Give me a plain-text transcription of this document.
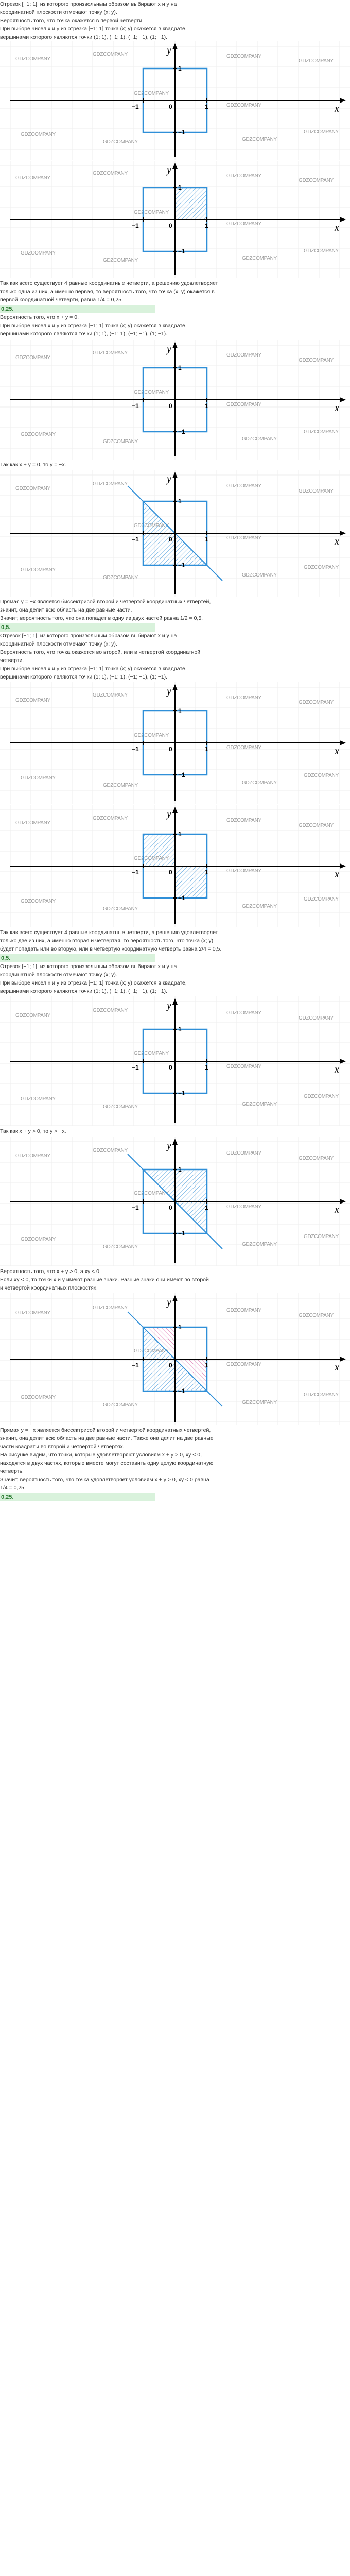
Отрезок [−1; 1], из которого произвольным образом выбирают x и y на

координатной плоскости отмечают точку (x; y).

Вероятность того, что точка окажется в первой четверти.

При выборе чисел x и y из отрезка [−1; 1] точка (x; y) окажется в квадрате,

вершинами которого являются точки (1; 1), (−1; 1), (−1; −1), (1; −1).

GDZCOMPANY
GDZCOMPANY	GDZCOMPANY
GDZCOMPANY
GDZCOMPANY
GDZCOMPANY	GDZCOMPANY
GDZCOMPANY
GDZCOMPANY
GDZCOMPANY
0	1
−1
1
−1
y
x
GDZCOMPANY
GDZCOMPANY	GDZCOMPANY
GDZCOMPANY
GDZCOMPANY
GDZCOMPANY	GDZCOMPANY
GDZCOMPANY
GDZCOMPANY
GDZCOMPANY
0	1
−1
1
−1
y
x

Так как всего существует 4 равные координатные четверти, а решению удовлетворяет

только одна из них, а именно первая, то вероятность того, что точка (x; y) окажется в

первой координатной четверти, равна 1/4 = 0,25.

0,25.

Вероятность того, что x + y = 0.

При выборе чисел x и y из отрезка [−1; 1] точка (x; y) окажется в квадрате,

вершинами которого являются точки (1; 1), (−1; 1), (−1; −1), (1; −1).

GDZCOMPANY
GDZCOMPANY	GDZCOMPANY
GDZCOMPANY
GDZCOMPANY
GDZCOMPANY	GDZCOMPANY
GDZCOMPANY
GDZCOMPANY
GDZCOMPANY
0	1
−1
1
−1
y
x

Так как x + y = 0, то y = −x.

GDZCOMPANY
GDZCOMPANY	GDZCOMPANY
GDZCOMPANY
GDZCOMPANY
GDZCOMPANY	GDZCOMPANY
GDZCOMPANY
GDZCOMPANY
GDZCOMPANY
0	1
−1
1
−1
y
x

Прямая y = −x является биссектрисой второй и четвертой координатных четвертей,

значит, она делит всю область на две равные части.

Значит, вероятность того, что она попадет в одну из двух частей равна 1/2 = 0,5.

0,5.

Отрезок [−1; 1], из которого произвольным образом выбирают x и y на

координатной плоскости отмечают точку (x; y).

Вероятность того, что точка окажется во второй, или в четвертой координатной

четверти.

При выборе чисел x и y из отрезка [−1; 1] точка (x; y) окажется в квадрате,

вершинами которого являются точки (1; 1), (−1; 1), (−1; −1), (1; −1).

GDZCOMPANY
GDZCOMPANY	GDZCOMPANY
GDZCOMPANY
GDZCOMPANY
GDZCOMPANY	GDZCOMPANY
GDZCOMPANY
GDZCOMPANY
GDZCOMPANY
0	1
−1
1
−1
y
x
GDZCOMPANY
GDZCOMPANY	GDZCOMPANY
GDZCOMPANY
GDZCOMPANY
GDZCOMPANY	GDZCOMPANY
GDZCOMPANY
GDZCOMPANY
GDZCOMPANY
0	1
−1
1
−1
y
x

Так как всего существует 4 равные координатные четверти, а решению удовлетворяет

только две из них, а именно вторая и четвертая, то вероятность того, что точка (x; y)

будет попадать или во вторую, или в четвертую координатную четверть равна 2/4 = 0,5.

0,5.

Отрезок [−1; 1], из которого произвольным образом выбирают x и y на

координатной плоскости отмечают точку (x; y).

При выборе чисел x и y из отрезка [−1; 1] точка (x; y) окажется в квадрате,

вершинами которого являются точки (1; 1), (−1; 1), (−1; −1), (1; −1).

GDZCOMPANY
GDZCOMPANY	GDZCOMPANY
GDZCOMPANY
GDZCOMPANY
GDZCOMPANY	GDZCOMPANY
GDZCOMPANY
GDZCOMPANY
GDZCOMPANY
0	1
−1
1
−1
y
x

Так как x + y > 0, то y > −x.

GDZCOMPANY
GDZCOMPANY	GDZCOMPANY
GDZCOMPANY
GDZCOMPANY
GDZCOMPANY	GDZCOMPANY
GDZCOMPANY
GDZCOMPANY
GDZCOMPANY
0	1
−1
1
−1
y
x

Вероятность того, что x + y > 0, а xy < 0.

Если xy < 0, то точки x и y имеют разные знаки. Разные знаки они имеют во второй

и четвертой координатных плоскостях.

GDZCOMPANY
GDZCOMPANY	GDZCOMPANY
GDZCOMPANY
GDZCOMPANY
GDZCOMPANY	GDZCOMPANY
GDZCOMPANY
GDZCOMPANY
GDZCOMPANY
0	1
−1
1
−1
y
x

Прямая y = −x является биссектрисой второй и четвертой координатных четвертей,

значит, она делит всю область на две равные части. Также она делит на две равные

части квадраты во второй и четвертой четвертях.

На рисунке видим, что точки, которые удовлетворяют условиям x + y > 0, xy < 0,

находятся в двух частях, которые вместе могут составить одну целую координатную

четверть.

Значит, вероятность того, что точка удовлетворяет условиям x + y > 0, xy < 0 равна

1/4 = 0,25.

0,25.
